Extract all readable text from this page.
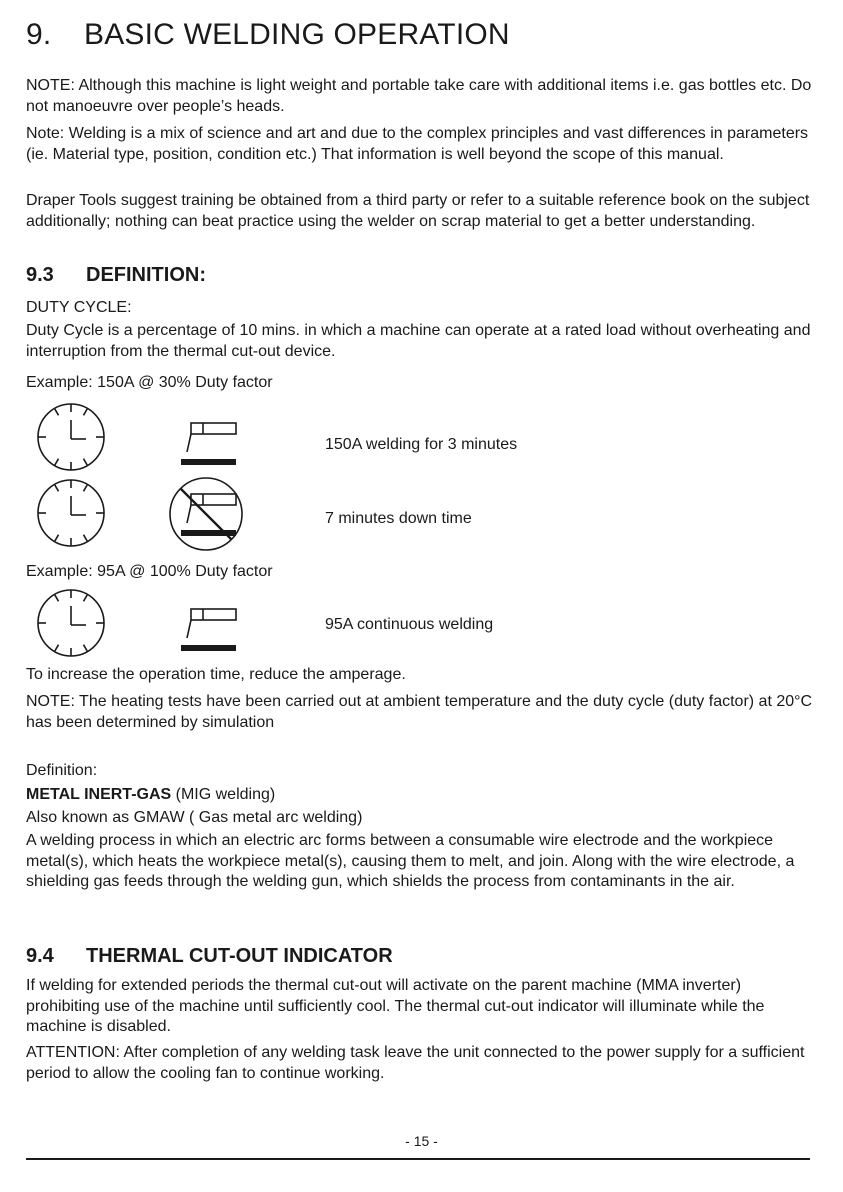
9. BASIC WELDING OPERATION

NOTE: Although this machine is light weight and portable take care with additional items i.e. gas bottles etc. Do not manoeuvre over people’s heads.

Note: Welding is a mix of science and art and due to the complex principles and vast differences in parameters (ie. Material type, position, condition etc.) That information is well beyond the scope of this manual.

Draper Tools suggest training be obtained from a third party or refer to a suitable reference book on the subject additionally; nothing can beat practice using the welder on scrap material to get a better understanding.

9.3 DEFINITION:
DUTY CYCLE:

Duty Cycle is a percentage of 10 mins. in which a machine can operate at a rated load without overheating and interruption from the thermal cut-out device.

Example: 150A @ 30% Duty factor
150A welding for 3 minutes
7 minutes down time
Example: 95A @ 100% Duty factor
95A continuous welding
To increase the operation time, reduce the amperage.

NOTE: The heating tests have been carried out at ambient temperature and the duty cycle (duty factor) at 20°C has been determined by simulation

Definition:
METAL INERT-GAS (MIG welding)
Also known as GMAW ( Gas metal arc welding)

A welding process in which an electric arc forms between a consumable wire electrode and the workpiece metal(s), which heats the workpiece metal(s), causing them to melt, and join. Along with the wire electrode, a shielding gas feeds through the welding gun, which shields the process from contaminants in the air.

9.4 THERMAL CUT-OUT INDICATOR

If welding for extended periods the thermal cut-out will activate on the parent machine (MMA inverter) prohibiting use of the machine until sufficiently cool. The thermal cut-out indicator will illuminate while the machine is disabled.

ATTENTION: After completion of any welding task leave the unit connected to the power supply for a sufficient period to allow the cooling fan to continue working.

- 15 -
